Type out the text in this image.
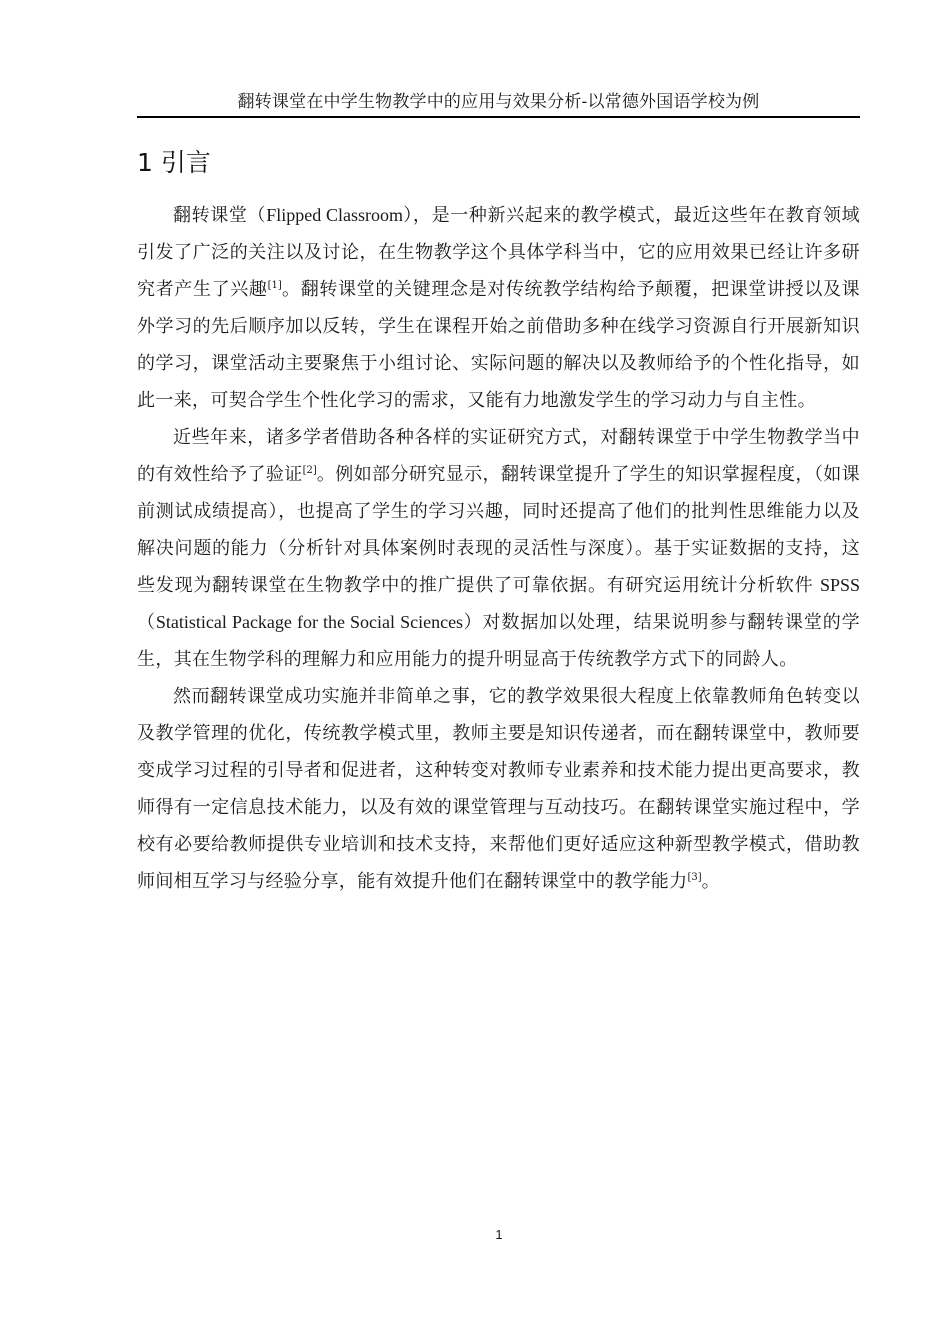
翻转课堂在中学生物教学中的应用与效果分析-以常德外国语学校为例
1 引言

翻转课堂（Flipped Classroom），是一种新兴起来的教学模式，最近这些年在教育领域引发了广泛的关注以及讨论，在生物教学这个具体学科当中，它的应用效果已经让许多研究者产生了兴趣[1]。翻转课堂的关键理念是对传统教学结构给予颠覆，把课堂讲授以及课外学习的先后顺序加以反转，学生在课程开始之前借助多种在线学习资源自行开展新知识的学习，课堂活动主要聚焦于小组讨论、实际问题的解决以及教师给予的个性化指导，如此一来，可契合学生个性化学习的需求，又能有力地激发学生的学习动力与自主性。

近些年来，诸多学者借助各种各样的实证研究方式，对翻转课堂于中学生物教学当中的有效性给予了验证[2]。例如部分研究显示，翻转课堂提升了学生的知识掌握程度，（如课前测试成绩提高），也提高了学生的学习兴趣，同时还提高了他们的批判性思维能力以及解决问题的能力（分析针对具体案例时表现的灵活性与深度）。基于实证数据的支持，这些发现为翻转课堂在生物教学中的推广提供了可靠依据。有研究运用统计分析软件 SPSS（Statistical Package for the Social Sciences）对数据加以处理，结果说明参与翻转课堂的学生，其在生物学科的理解力和应用能力的提升明显高于传统教学方式下的同龄人。

然而翻转课堂成功实施并非简单之事，它的教学效果很大程度上依靠教师角色转变以及教学管理的优化，传统教学模式里，教师主要是知识传递者，而在翻转课堂中，教师要变成学习过程的引导者和促进者，这种转变对教师专业素养和技术能力提出更高要求，教师得有一定信息技术能力，以及有效的课堂管理与互动技巧。在翻转课堂实施过程中，学校有必要给教师提供专业培训和技术支持，来帮他们更好适应这种新型教学模式，借助教师间相互学习与经验分享，能有效提升他们在翻转课堂中的教学能力[3]。

1
